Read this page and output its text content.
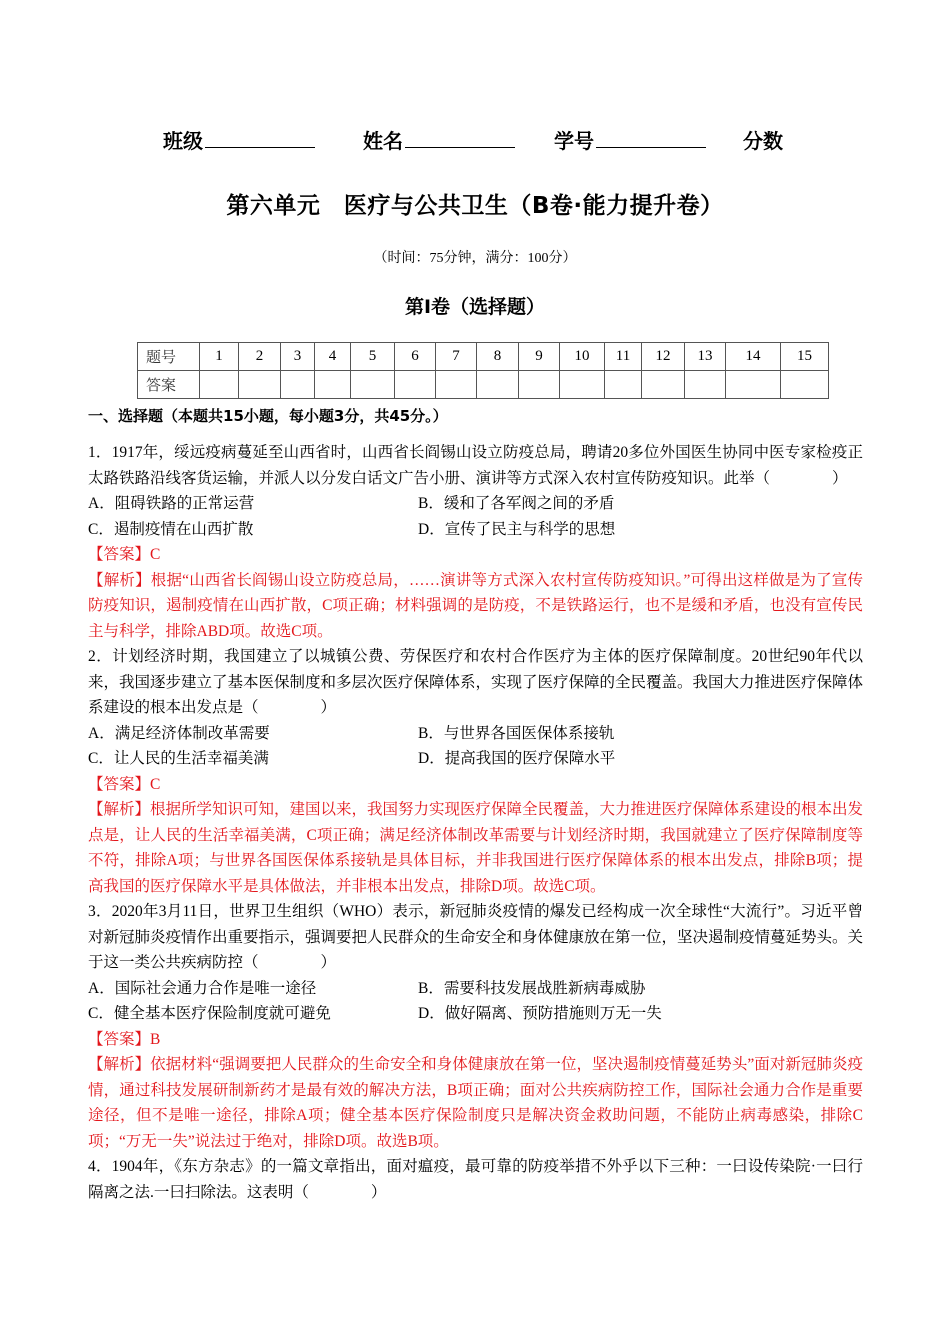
班级	姓名	学号	分数
第六单元　医疗与公共卫生（B卷·能力提升卷）
（时间：75分钟，满分：100分）
第Ⅰ卷（选择题）
题号	1	2	3	4	5	6	7	8	9	10	11	12	13	14	15
答案															
一、选择题（本题共15小题，每小题3分，共45分。）

1．1917年，绥远疫病蔓延至山西省时，山西省长阎锡山设立防疫总局，聘请20多位外国医生协同中医专家检疫正太路铁路沿线客货运输，并派人以分发白话文广告小册、演讲等方式深入农村宣传防疫知识。此举（　　　　）

A．阻碍铁路的正常运营	B．缓和了各军阀之间的矛盾
C．遏制疫情在山西扩散	D．宣传了民主与科学的思想

【答案】C

【解析】根据“山西省长阎锡山设立防疫总局，……演讲等方式深入农村宣传防疫知识。”可得出这样做是为了宣传防疫知识，遏制疫情在山西扩散，C项正确；材料强调的是防疫，不是铁路运行，也不是缓和矛盾，也没有宣传民主与科学，排除ABD项。故选C项。

2．计划经济时期，我国建立了以城镇公费、劳保医疗和农村合作医疗为主体的医疗保障制度。20世纪90年代以来，我国逐步建立了基本医保制度和多层次医疗保障体系，实现了医疗保障的全民覆盖。我国大力推进医疗保障体系建设的根本出发点是（　　　　）

A．满足经济体制改革需要	B．与世界各国医保体系接轨
C．让人民的生活幸福美满	D．提高我国的医疗保障水平

【答案】C

【解析】根据所学知识可知，建国以来，我国努力实现医疗保障全民覆盖，大力推进医疗保障体系建设的根本出发点是，让人民的生活幸福美满，C项正确；满足经济体制改革需要与计划经济时期，我国就建立了医疗保障制度等不符，排除A项；与世界各国医保体系接轨是具体目标，并非我国进行医疗保障体系的根本出发点，排除B项；提高我国的医疗保障水平是具体做法，并非根本出发点，排除D项。故选C项。

3．2020年3月11日，世界卫生组织（WHO）表示，新冠肺炎疫情的爆发已经构成一次全球性“大流行”。习近平曾对新冠肺炎疫情作出重要指示，强调要把人民群众的生命安全和身体健康放在第一位，坚决遏制疫情蔓延势头。关于这一类公共疾病防控（　　　　）

A．国际社会通力合作是唯一途径	B．需要科技发展战胜新病毒威胁
C．健全基本医疗保险制度就可避免	D．做好隔离、预防措施则万无一失

【答案】B

【解析】依据材料“强调要把人民群众的生命安全和身体健康放在第一位，坚决遏制疫情蔓延势头”面对新冠肺炎疫情，通过科技发展研制新药才是最有效的解决方法，B项正确；面对公共疾病防控工作，国际社会通力合作是重要途径，但不是唯一途径，排除A项；健全基本医疗保险制度只是解决资金救助问题，不能防止病毒感染，排除C项；“万无一失”说法过于绝对，排除D项。故选B项。

4．1904年，《东方杂志》的一篇文章指出，面对瘟疫，最可靠的防疫举措不外乎以下三种：一曰设传染院·一曰行隔离之法.一曰扫除法。这表明（　　　　）
